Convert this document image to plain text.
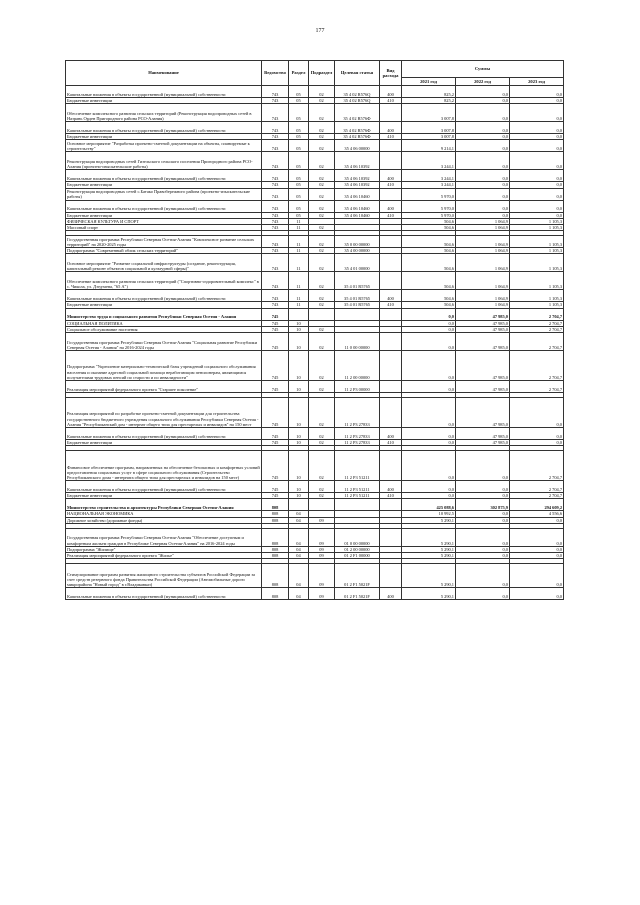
177
Наименование	Ведомство	Раздел	Подраздел	Целевая статья	Вид расхода	Суммы		
						2021 год	2022 год	2023 год
Капитальные вложения в объекты государственной (муниципальной) собственности	743	05	02	35 4 02 R576Q	400	825,2	0,0	0,0
Бюджетные инвестиции	743	05	02	35 4 02 R576Q	410	825,2	0,0	0,0
Обеспечение комплексного развития сельских территорий (Реконструкция водопроводных сетей в Назрань Орден Пригородного района РСО-Алания)	743	05	02	35 4 02 R576Ф		3 007,8	0,0	0,0
Капитальные вложения в объекты государственной (муниципальной) собственности	743	05	02	35 4 02 R576Ф	400	3 007,8	0,0	0,0
Бюджетные инвестиции	743	05	02	35 4 02 R576Ф	410	3 007,8	0,0	0,0
Основное мероприятие "Разработка проектно-сметной документации на объекты, планируемые к строительству"	743	05	02	35 4 06 00000		9 214,1	0,0	0,0
Реконструкция водопроводных сетей Гизельского сельского поселения Пригородного района РСО-Алания (проектно-изыскательские работы)	743	05	02	35 4 06 10392		3 244,1	0,0	0,0
Капитальные вложения в объекты государственной (муниципальной) собственности	743	05	02	35 4 06 10392	400	3 244,1	0,0	0,0
Бюджетные инвестиции	743	05	02	35 4 06 10392	410	3 244,1	0,0	0,0
Реконструкция водопроводных сетей с.Батако Правобережного района (проектно-изыскательские работы)	743	05	02	35 4 06 10460		5 970,0	0,0	0,0
Капитальные вложения в объекты государственной (муниципальной) собственности	743	05	02	35 4 06 10460	400	5 970,0	0,0	0,0
Бюджетные инвестиции	743	05	02	35 4 06 10460	410	5 970,0	0,0	0,0
ФИЗИЧЕСКАЯ КУЛЬТУРА И СПОРТ	743	11				504,6	1 064,9	1 105,3
Массовый спорт	743	11	02			504,6	1 064,9	1 105,3

Государственная программа Республики Северная Осетия-Алания "Комплексное развитие сельских территорий" на 2020-2025 годы	743	11	02	35 0 00 00000		504,6	1 064,9	1 105,3
Подпрограмма "Современный облик сельских территорий"	743	11	02	35 4 00 00000		504,6	1 064,9	1 105,3
Основное мероприятие "Развитие социальной инфраструктуры (создание, реконструкция, капитальный ремонт объектов социальной и культурной сферы)"	743	11	02	35 4 01 00000		504,6	1 064,9	1 105,3
Обеспечение комплексного развития сельских территорий ("Спортивно-оздоровительный комплекс" в с. Чикола, ул. Дзедтаева, "65 А")	743	11	02	35 4 01 R5765		504,6	1 064,9	1 105,3
Капитальные вложения в объекты государственной (муниципальной) собственности	743	11	02	35 4 01 R5765	400	504,6	1 064,9	1 105,3
Бюджетные инвестиции	743	11	02	35 4 01 R5765	410	504,6	1 064,9	1 105,3
Министерство труда и социального развития Республики Северная Осетия - Алания	745					0,0	47 985,0	2 704,7
СОЦИАЛЬНАЯ ПОЛИТИКА	745	10				0,0	47 985,0	2 704,7
Социальное обслуживание населения	745	10	02			0,0	47 985,0	2 704,7
Государственная программа Республики Северная Осетия-Алания "Социальная развитие Республики Северная Осетия - Алания" на 2016-2024 годы	745	10	02	11 0 00 00000		0,0	47 985,0	2 704,7
Подпрограмма "Укрепление материально-технической базы учреждений социального обслуживания населения и оказание адресной социальной помощи неработающим пенсионерам, являющимся получателями трудовых пенсий по старости и по инвалидности"	745	10	02	11 2 00 00000		0,0	47 985,0	2 704,7
Реализация мероприятий федерального проекта "Старшее поколение"	745	10	02	11 2 P3 00000		0,0	47 985,0	2 704,7

Реализация мероприятий по разработке проектно-сметной документации для строительства государственного бюджетного учреждения социального обслуживания Республики Северная Осетия - Алания "Республиканский дом - интернат общего типа для престарелых и инвалидов" на 150 мест	745	10	02	11 2 P3 27833		0,0	47 985,0	0,0
Капитальные вложения в объекты государственной (муниципальной) собственности	745	10	02	11 2 P3 27833	400	0,0	47 985,0	0,0
Бюджетные инвестиции	745	10	02	11 2 P3 27833	410	0,0	47 985,0	0,0

Финансовое обеспечение программ, направленных на обеспечение безопасных и комфортных условий предоставления социальных услуг в сфере социального обслуживания (Строительство Республиканского дома - интерната общего типа для престарелых и инвалидов на 150 мест)	745	10	02	11 2 P3 51211		0,0	0,0	2 704,7
Капитальные вложения в объекты государственной (муниципальной) собственности	745	10	02	11 2 P3 51211	400	0,0	0,0	2 704,7
Бюджетные инвестиции	745	10	02	11 2 P3 51211	410	0,0	0,0	2 704,7
Министерство строительства и архитектуры Республики Северная Осетия-Алания	808					425 088,6	302 875,9	294 609,2
НАЦИОНАЛЬНАЯ ЭКОНОМИКА	808	04				10 992,5	0,0	4 556,6
Дорожное хозяйство (дорожные фонды)	808	04	09			5 290,1	0,0	0,0

Государственная программа Республики Северная Осетия-Алания "Обеспечение доступным и комфортным жильем граждан в Республике Северная Осетия-Алания" на 2016-2024 годы	808	04	09	01 0 00 00000		5 290,1	0,0	0,0
Подпрограмма "Жилище"	808	04	09	01 2 00 00000		5 290,1	0,0	0,0
Реализация мероприятий федерального проекта "Жилье"	808	04	09	01 2 F1 00000		5 290,1	0,0	0,0

Стимулирование программ развития жилищного строительства субъектов Российской Федерации за счет средств резервного фонда Правительства Российской Федерации (Автомобильные дороги микрорайона "Новый город" в г.Владикавказ)	808	04	09	01 2 F1 5021F		5 290,1	0,0	0,0
Капитальные вложения в объекты государственной (муниципальной) собственности	808	04	09	01 2 F1 5021F	400	5 290,1	0,0	0,0
